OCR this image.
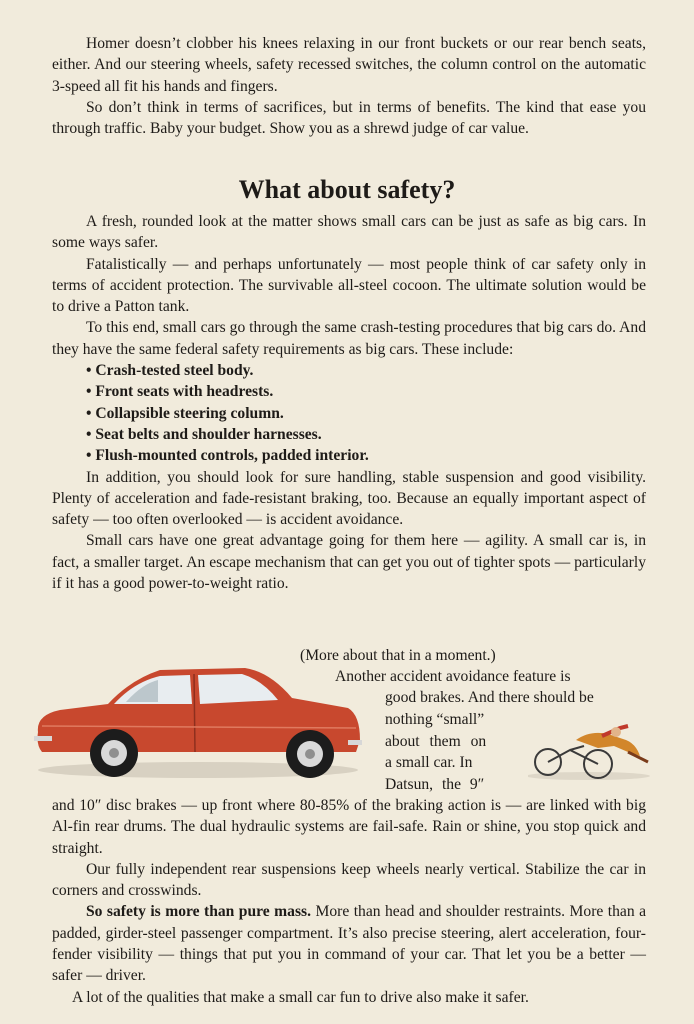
Homer doesn’t clobber his knees relaxing in our front buckets or our rear bench seats, either. And our steering wheels, safety recessed switches, the column control on the automatic 3-speed all fit his hands and fingers.

So don’t think in terms of sacrifices, but in terms of benefits. The kind that ease you through traffic. Baby your budget. Show you as a shrewd judge of car value.

What about safety?

A fresh, rounded look at the matter shows small cars can be just as safe as big cars. In some ways safer.

Fatalistically — and perhaps unfortunately — most people think of car safety only in terms of accident protection. The survivable all-steel cocoon. The ultimate solution would be to drive a Patton tank.

To this end, small cars go through the same crash-testing procedures that big cars do. And they have the same federal safety requirements as big cars. These include:

• Crash-tested steel body.
• Front seats with headrests.
• Collapsible steering column.
• Seat belts and shoulder harnesses.
• Flush-mounted controls, padded interior.

In addition, you should look for sure handling, stable suspension and good visibility. Plenty of acceleration and fade-resistant braking, too. Because an equally important aspect of safety — too often overlooked — is accident avoidance.

Small cars have one great advantage going for them here — agility. A small car is, in fact, a smaller target. An escape mechanism that can get you out of tighter spots — particularly if it has a good power-to-weight ratio.

(More about that in a moment.)
Another accident avoidance feature is
good brakes. And there should be
nothing “small”
about them on
a small car. In
Datsun, the 9″

and 10″ disc brakes — up front where 80-85% of the braking action is — are linked with big Al-fin rear drums. The dual hydraulic systems are fail-safe. Rain or shine, you stop quick and straight.

Our fully independent rear suspensions keep wheels nearly vertical. Stabilize the car in corners and crosswinds.

So safety is more than pure mass. More than head and shoulder restraints. More than a padded, girder-steel passenger compartment. It’s also precise steering, alert acceleration, four-fender visibility — things that put you in command of your car. That let you be a better — safer — driver.

A lot of the qualities that make a small car fun to drive also make it safer.
